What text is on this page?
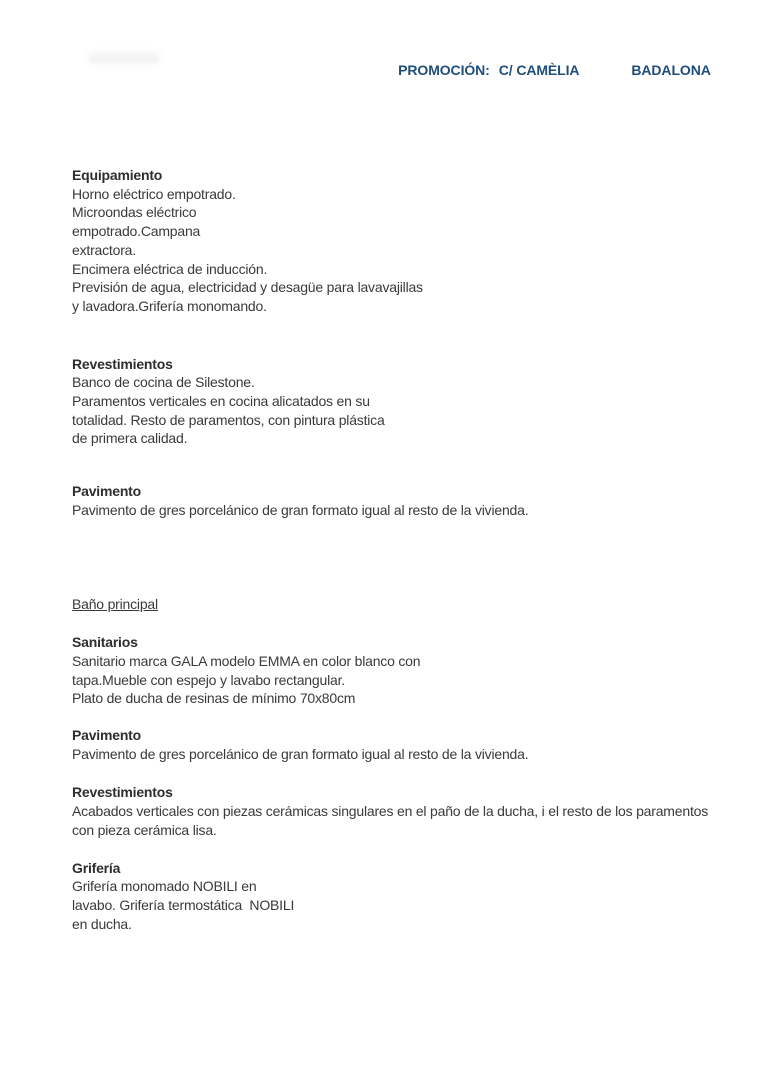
PROMOCIÓN: C/ CAMÈLIA	BADALONA

Equipamiento
Horno eléctrico empotrado.
Microondas eléctrico
empotrado.Campana
extractora.
Encimera eléctrica de inducción.
Previsión de agua, electricidad y desagüe para lavavajillas
y lavadora.Grifería monomando.
Revestimientos
Banco de cocina de Silestone.
Paramentos verticales en cocina alicatados en su
totalidad. Resto de paramentos, con pintura plástica
de primera calidad.
Pavimento
Pavimento de gres porcelánico de gran formato igual al resto de la vivienda.
Baño principal
Sanitarios
Sanitario marca GALA modelo EMMA en color blanco con
tapa.Mueble con espejo y lavabo rectangular.
Plato de ducha de resinas de mínimo 70x80cm
Pavimento
Pavimento de gres porcelánico de gran formato igual al resto de la vivienda.
Revestimientos
Acabados verticales con piezas cerámicas singulares en el paño de la ducha, i el resto de los paramentos
con pieza cerámica lisa.
Grifería
Grifería monomado NOBILI en
lavabo. Grifería termostática  NOBILI
en ducha.
